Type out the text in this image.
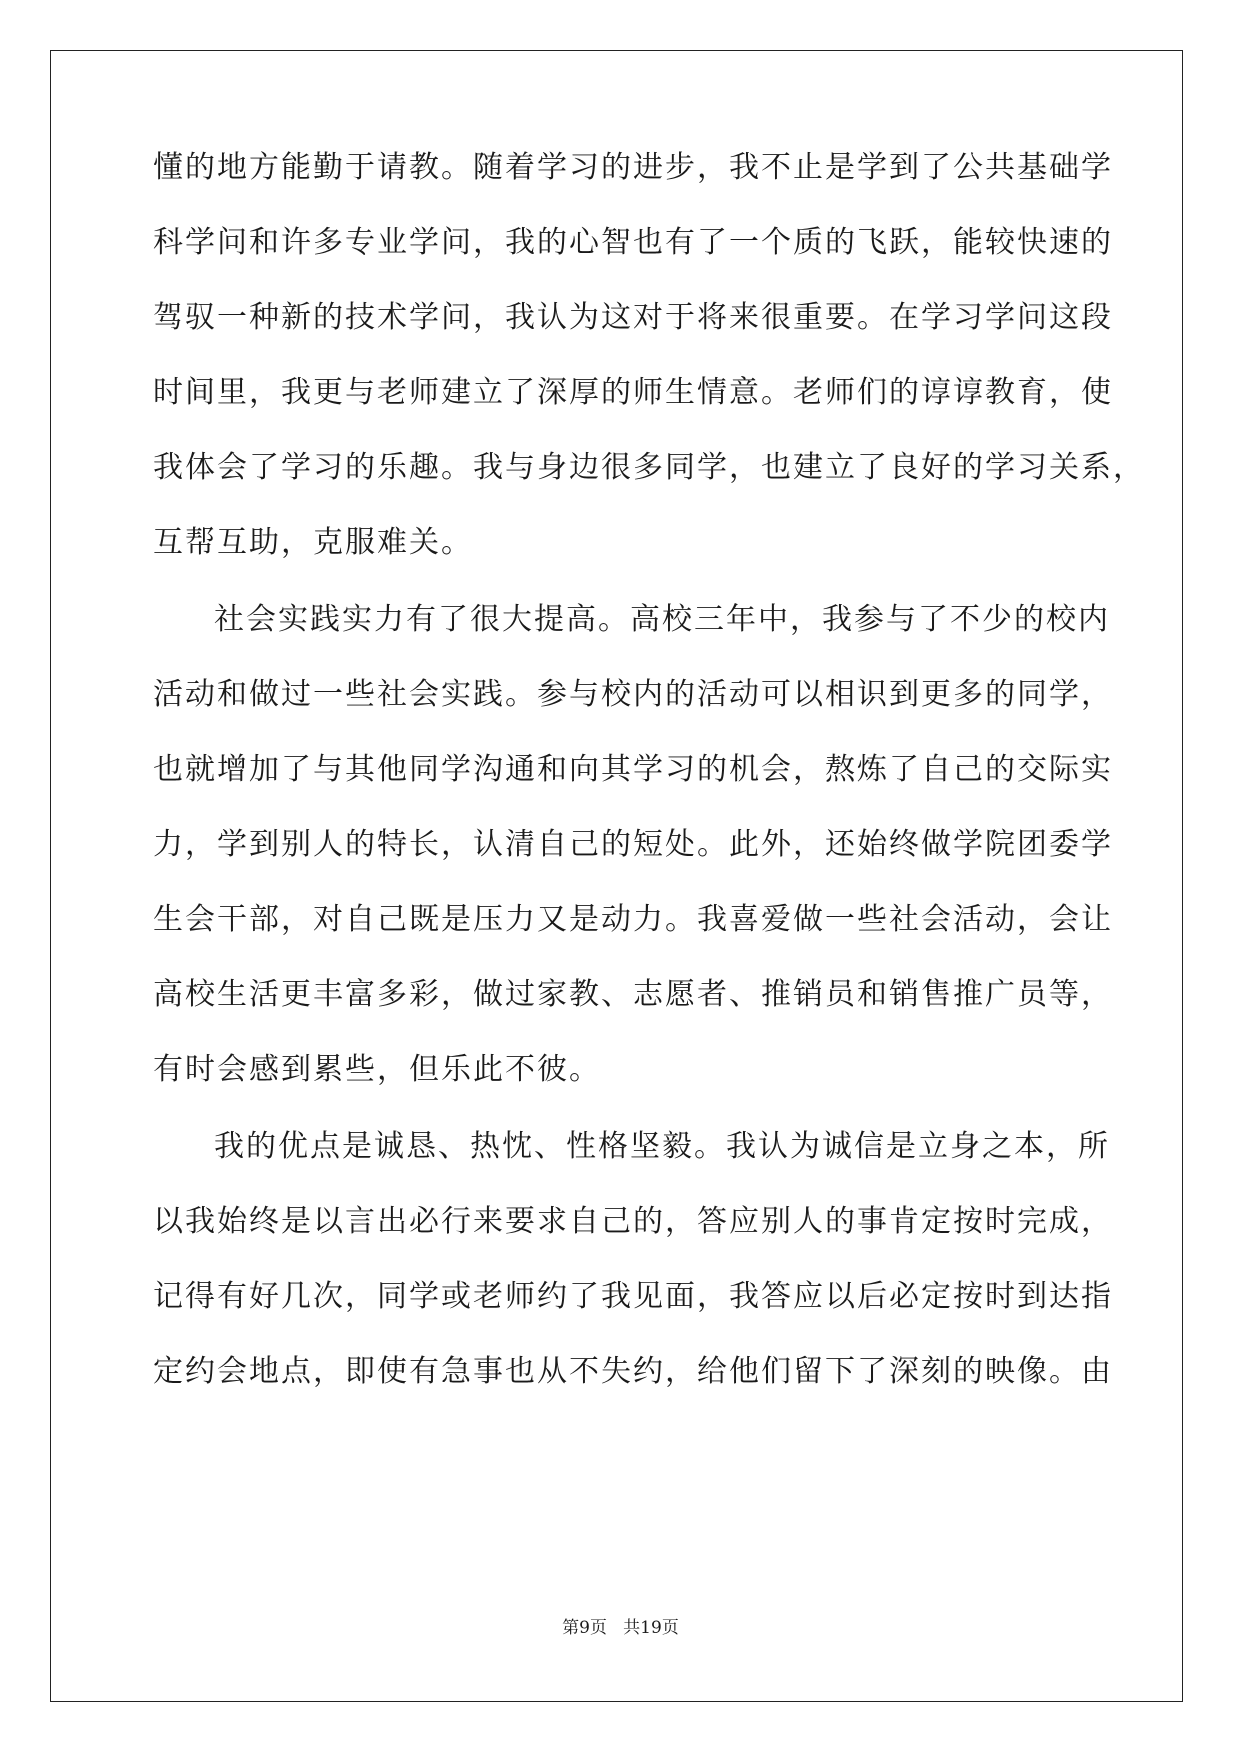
懂的地方能勤于请教。随着学习的进步，我不止是学到了公共基础学
科学问和许多专业学问，我的心智也有了一个质的飞跃，能较快速的
驾驭一种新的技术学问，我认为这对于将来很重要。在学习学问这段
时间里，我更与老师建立了深厚的师生情意。老师们的谆谆教育，使
我体会了学习的乐趣。我与身边很多同学，也建立了良好的学习关系，
互帮互助，克服难关。
社会实践实力有了很大提高。高校三年中，我参与了不少的校内
活动和做过一些社会实践。参与校内的活动可以相识到更多的同学，
也就增加了与其他同学沟通和向其学习的机会，熬炼了自己的交际实
力，学到别人的特长，认清自己的短处。此外，还始终做学院团委学
生会干部，对自己既是压力又是动力。我喜爱做一些社会活动，会让
高校生活更丰富多彩，做过家教、志愿者、推销员和销售推广员等，
有时会感到累些，但乐此不彼。
我的优点是诚恳、热忱、性格坚毅。我认为诚信是立身之本，所
以我始终是以言出必行来要求自己的，答应别人的事肯定按时完成，
记得有好几次，同学或老师约了我见面，我答应以后必定按时到达指
定约会地点，即使有急事也从不失约，给他们留下了深刻的映像。由
第9页   共19页
